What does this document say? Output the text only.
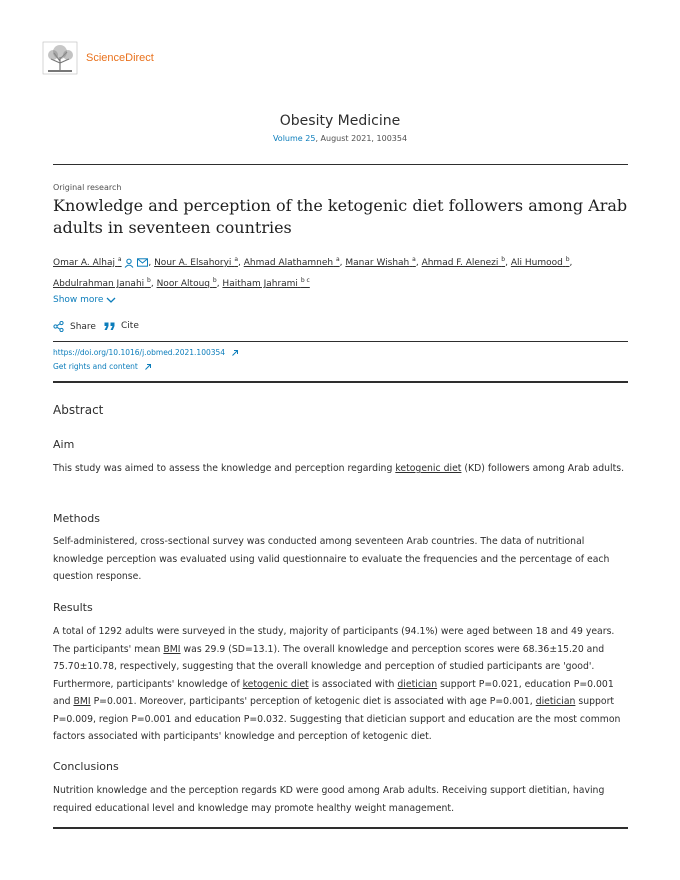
ScienceDirect
Obesity Medicine
Volume 25, August 2021, 100354
Original research
Knowledge and perception of the ketogenic diet followers among Arab adults in seventeen countries
Omar A. Alhaj $^a$	, Nour A. Elsahoryi $^a$, Ahmad Alathamneh $^a$, Manar Wishah $^a$, Ahmad F. Alenezi $^b$, Ali Humood $^b$,
Abdulrahman Janahi $^b$, Noor Altouq $^b$, Haitham Jahrami $^{b c}$
Show more
Share	Cite
https://doi.org/10.1016/j.obmed.2021.100354
Get rights and content
Abstract
Aim
This study was aimed to assess the knowledge and perception regarding ketogenic diet (KD) followers among Arab adults.
Methods
Self-administered, cross-sectional survey was conducted among seventeen Arab countries. The data of nutritional knowledge perception was evaluated using valid questionnaire to evaluate the frequencies and the percentage of each question response.
Results
A total of 1292 adults were surveyed in the study, majority of participants (94.1%) were aged between 18 and 49 years. The participants' mean BMI was 29.9 (SD=13.1). The overall knowledge and perception scores were 68.36±15.20 and 75.70±10.78, respectively, suggesting that the overall knowledge and perception of studied participants are 'good'. Furthermore, participants' knowledge of ketogenic diet is associated with dietician support P=0.021, education P=0.001 and BMI P=0.001. Moreover, participants' perception of ketogenic diet is associated with age P=0.001, dietician support P=0.009, region P=0.001 and education P=0.032. Suggesting that dietician support and education are the most common factors associated with participants' knowledge and perception of ketogenic diet.
Conclusions
Nutrition knowledge and the perception regards KD were good among Arab adults. Receiving support dietitian, having required educational level and knowledge may promote healthy weight management.
